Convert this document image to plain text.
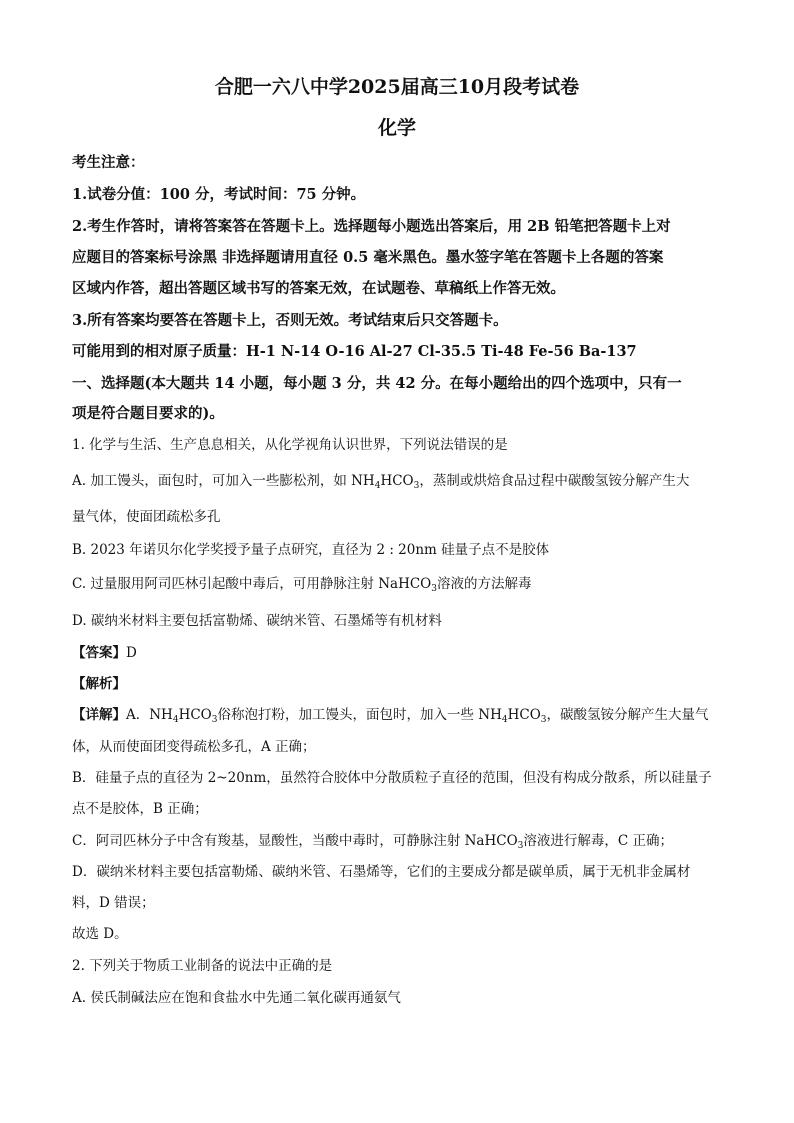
合肥一六八中学2025届高三10月段考试卷
化学
考生注意：
1.试卷分值：100 分，考试时间：75 分钟。
2.考生作答时，请将答案答在答题卡上。选择题每小题选出答案后，用 2B 铅笔把答题卡上对
应题目的答案标号涂黑 非选择题请用直径 0.5 毫米黑色。墨水签字笔在答题卡上各题的答案
区域内作答，超出答题区域书写的答案无效，在试题卷、草稿纸上作答无效。
3.所有答案均要答在答题卡上，否则无效。考试结束后只交答题卡。
可能用到的相对原子质量：H-1 N-14 O-16 Al-27 Cl-35.5 Ti-48 Fe-56 Ba-137
一、选择题(本大题共 14 小题，每小题 3 分，共 42 分。在每小题给出的四个选项中，只有一
项是符合题目要求的)。
1. 化学与生活、生产息息相关，从化学视角认识世界，下列说法错误的是
A. 加工馒头，面包时，可加入一些膨松剂，如 $NH_4HCO_3$，蒸制或烘焙食品过程中碳酸氢铵分解产生大
量气体，使面团疏松多孔
B. 2023 年诺贝尔化学奖授予量子点研究，直径为 2 : 20nm 硅量子点不是胶体
C. 过量服用阿司匹林引起酸中毒后，可用静脉注射 NaHCO$_3$溶液的方法解毒
D. 碳纳米材料主要包括富勒烯、碳纳米管、石墨烯等有机材料
【答案】D
【解析】
【详解】A．$NH_4HCO_3$俗称泡打粉，加工馒头，面包时，加入一些 $NH_4HCO_3$，碳酸氢铵分解产生大量气
体，从而使面团变得疏松多孔，A 正确；
B．硅量子点的直径为 2~20nm，虽然符合胶体中分散质粒子直径的范围，但没有构成分散系，所以硅量子
点不是胶体，B 正确；
C．阿司匹林分子中含有羧基，显酸性，当酸中毒时，可静脉注射 NaHCO$_3$溶液进行解毒，C 正确；
D．碳纳米材料主要包括富勒烯、碳纳米管、石墨烯等，它们的主要成分都是碳单质，属于无机非金属材
料，D 错误；
故选 D。
2. 下列关于物质工业制备的说法中正确的是
A. 侯氏制碱法应在饱和食盐水中先通二氧化碳再通氨气
